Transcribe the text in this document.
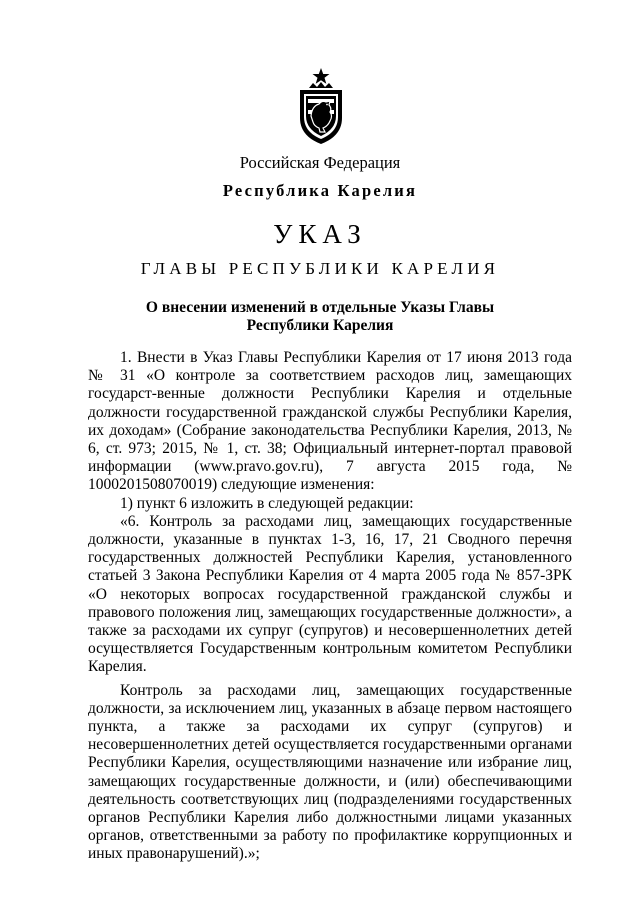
Российская Федерация
Республика Карелия
УКАЗ
ГЛАВЫ РЕСПУБЛИКИ КАРЕЛИЯ
О внесении изменений в отдельные Указы Главы
Республики Карелия

1. Внести в Указ Главы Республики Карелия от 17 июня 2013 года № 31 «О контроле за соответствием расходов лиц, замещающих государст-венные должности Республики Карелия и отдельные должности государственной гражданской службы Республики Карелия, их доходам» (Собрание законодательства Республики Карелия, 2013, № 6, ст. 973; 2015, № 1, ст. 38; Официальный интернет-портал правовой информации (www.pravo.gov.ru), 7 августа 2015 года, № 1000201508070019) следующие изменения:

1) пункт 6 изложить в следующей редакции:

«6. Контроль за расходами лиц, замещающих государственные должности, указанные в пунктах 1-3, 16, 17, 21 Сводного перечня государственных должностей Республики Карелия, установленного статьей 3 Закона Республики Карелия от 4 марта 2005 года № 857-ЗРК «О некоторых вопросах государственной гражданской службы и правового положения лиц, замещающих государственные должности», а также за расходами их супруг (супругов) и несовершеннолетних детей осуществляется Государственным контрольным комитетом Республики Карелия.

Контроль за расходами лиц, замещающих государственные должности, за исключением лиц, указанных в абзаце первом настоящего пункта, а также за расходами их супруг (супругов) и несовершеннолетних детей осуществляется государственными органами Республики Карелия, осуществляющими назначение или избрание лиц, замещающих государственные должности, и (или) обеспечивающими деятельность соответствующих лиц (подразделениями государственных органов Республики Карелия либо должностными лицами указанных органов, ответственными за работу по профилактике коррупционных и иных правонарушений).»;
